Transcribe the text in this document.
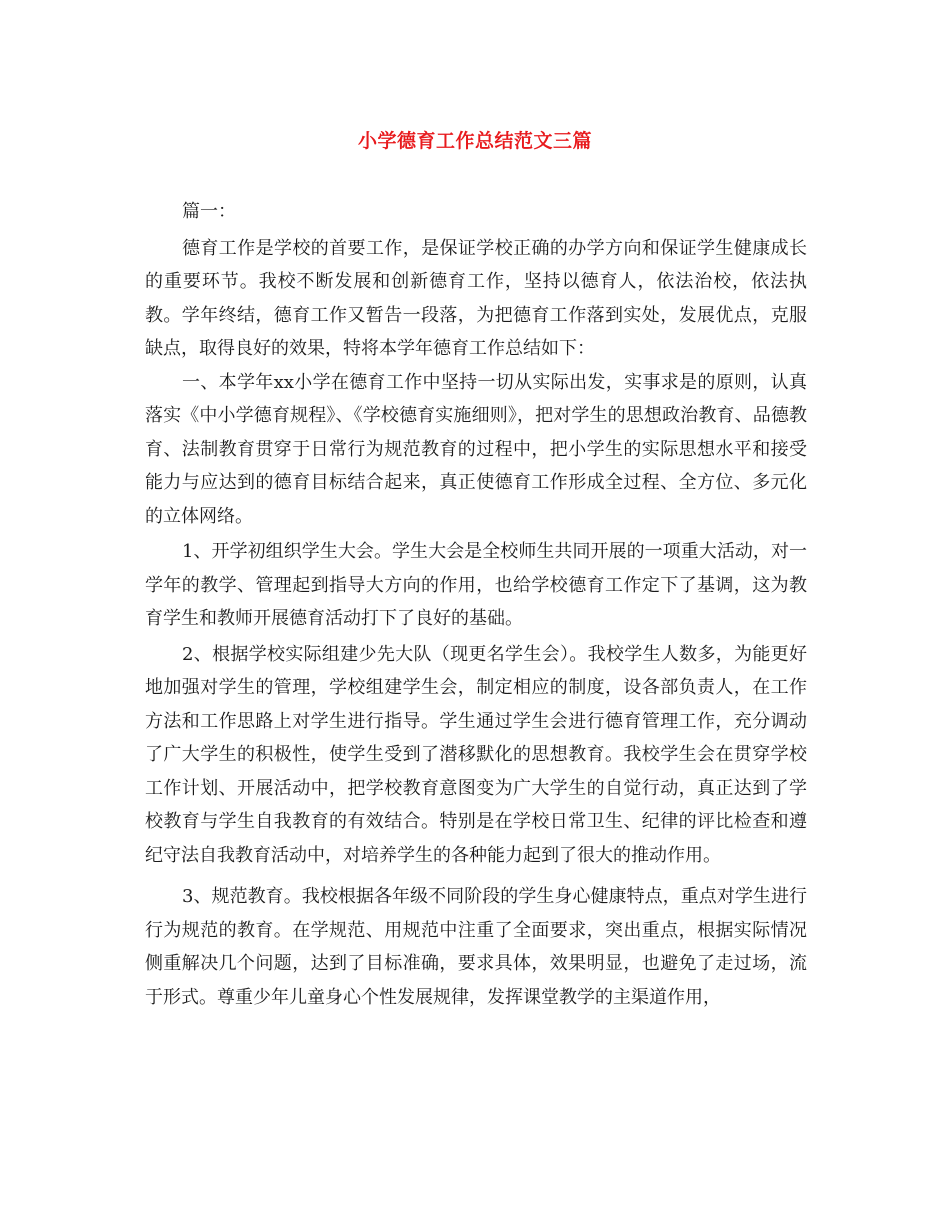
小学德育工作总结范文三篇

篇一：

德育工作是学校的首要工作，是保证学校正确的办学方向和保证学生健康成长的重要环节。我校不断发展和创新德育工作，坚持以德育人，依法治校，依法执教。学年终结，德育工作又暂告一段落，为把德育工作落到实处，发展优点，克服缺点，取得良好的效果，特将本学年德育工作总结如下：

一、本学年xx小学在德育工作中坚持一切从实际出发，实事求是的原则，认真落实《中小学德育规程》、《学校德育实施细则》，把对学生的思想政治教育、品德教育、法制教育贯穿于日常行为规范教育的过程中，把小学生的实际思想水平和接受能力与应达到的德育目标结合起来，真正使德育工作形成全过程、全方位、多元化的立体网络。

1、开学初组织学生大会。学生大会是全校师生共同开展的一项重大活动，对一学年的教学、管理起到指导大方向的作用，也给学校德育工作定下了基调，这为教育学生和教师开展德育活动打下了良好的基础。

2、根据学校实际组建少先大队（现更名学生会）。我校学生人数多，为能更好地加强对学生的管理，学校组建学生会，制定相应的制度，设各部负责人，在工作方法和工作思路上对学生进行指导。学生通过学生会进行德育管理工作，充分调动了广大学生的积极性，使学生受到了潜移默化的思想教育。我校学生会在贯穿学校工作计划、开展活动中，把学校教育意图变为广大学生的自觉行动，真正达到了学校教育与学生自我教育的有效结合。特别是在学校日常卫生、纪律的评比检查和遵纪守法自我教育活动中，对培养学生的各种能力起到了很大的推动作用。

3、规范教育。我校根据各年级不同阶段的学生身心健康特点，重点对学生进行行为规范的教育。在学规范、用规范中注重了全面要求，突出重点，根据实际情况侧重解决几个问题，达到了目标准确，要求具体，效果明显，也避免了走过场，流于形式。尊重少年儿童身心个性发展规律，发挥课堂教学的主渠道作用，
